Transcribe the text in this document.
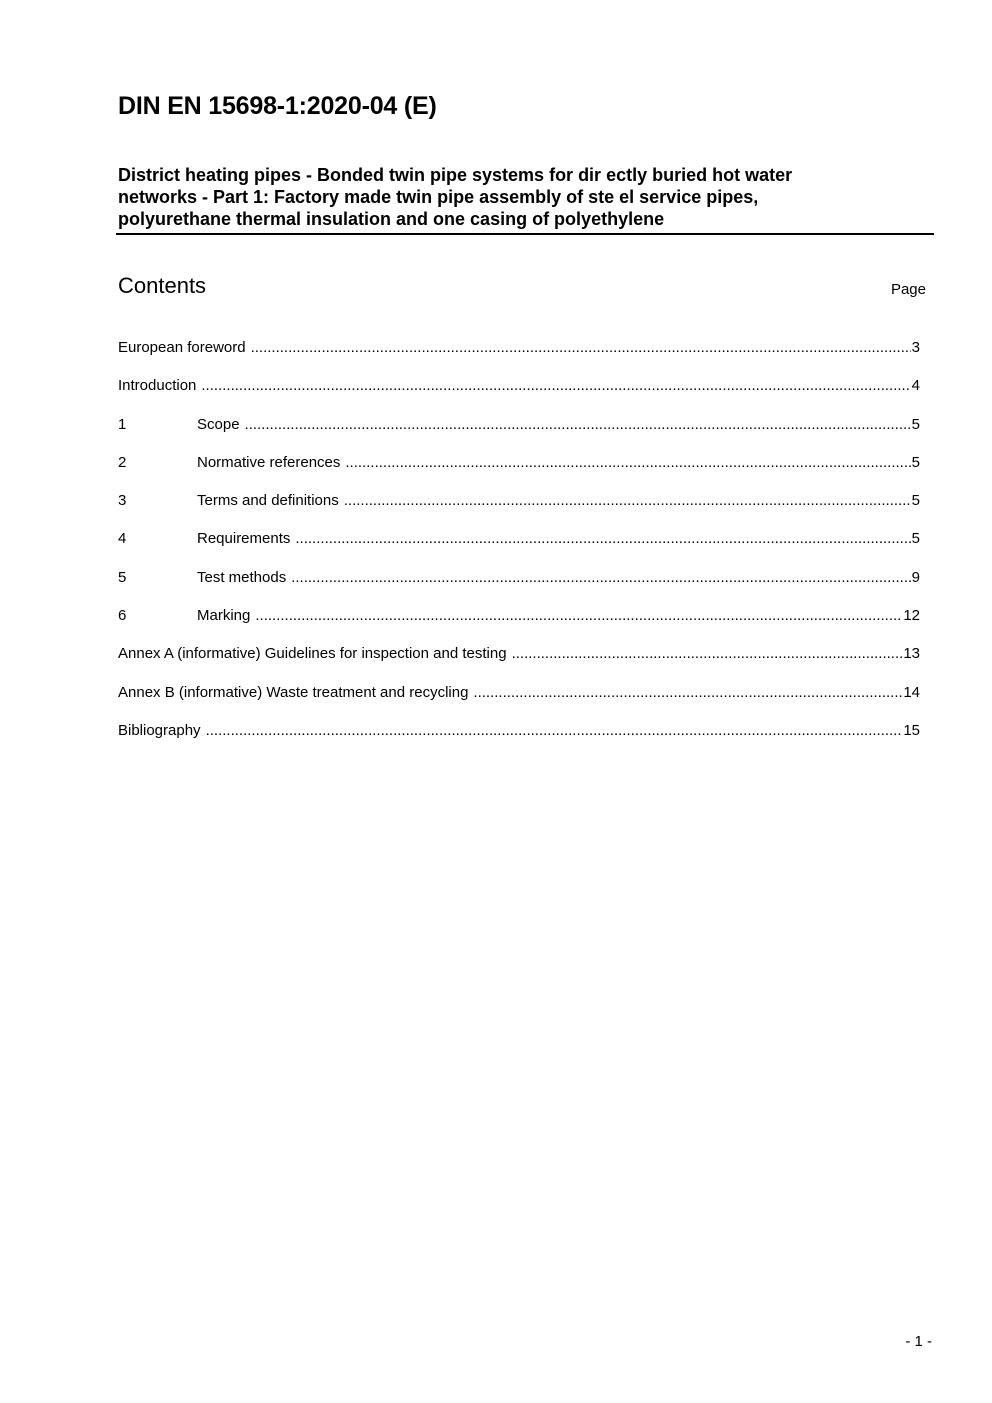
DIN EN 15698-1:2020-04 (E)
District heating pipes - Bonded twin pipe systems for dir ectly buried hot water
networks - Part 1: Factory made twin pipe assembly of ste el service pipes,
polyurethane thermal insulation and one casing of polyethylene
Contents	Page
European foreword .....	3
Introduction .....	4
1	Scope .....	5
2	Normative references .....	5
3	Terms and definitions .....	5
4	Requirements .....	5
5	Test methods .....	9
6	Marking .....	12
Annex A (informative) Guidelines for inspection and testing .....	13
Annex B (informative) Waste treatment and recycling .....	14
Bibliography .....	15
- 1 -
